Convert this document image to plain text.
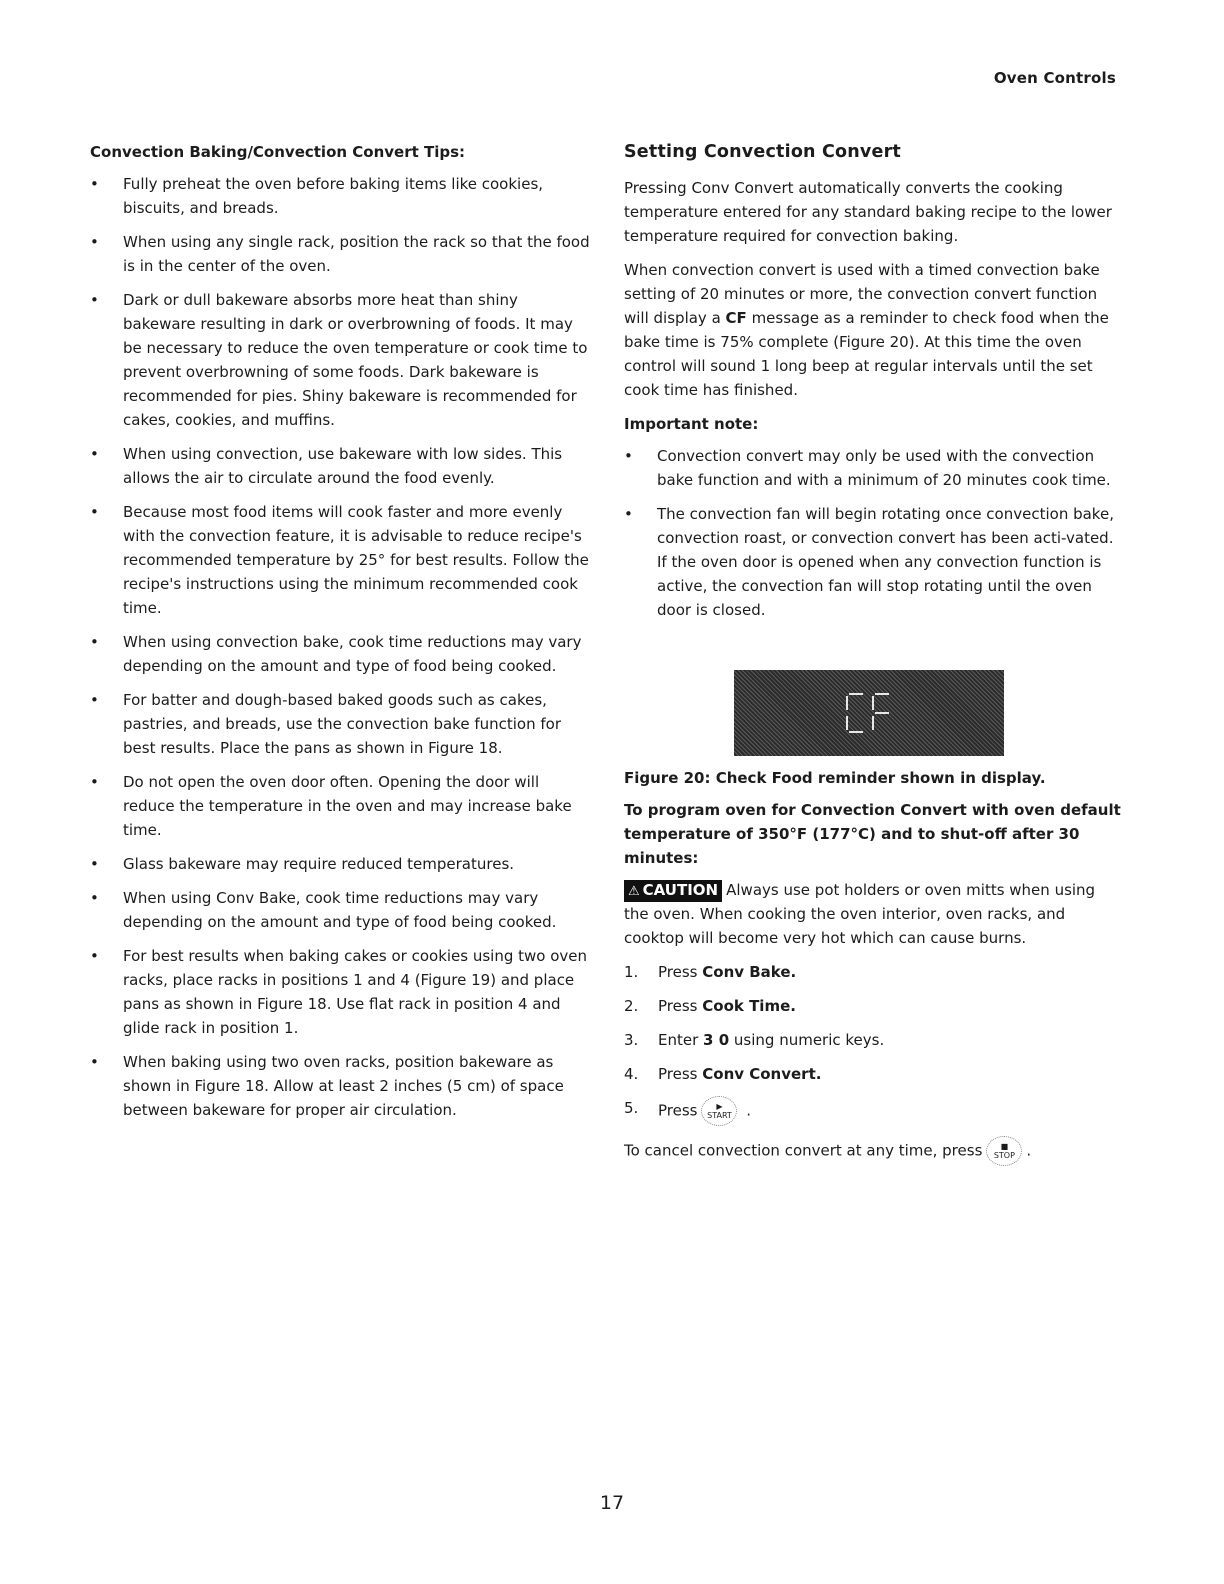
Oven Controls
Convection Baking/Convection Convert Tips:
• Fully preheat the oven before baking items like cookies, biscuits, and breads.
• When using any single rack, position the rack so that the food is in the center of the oven.
• Dark or dull bakeware absorbs more heat than shiny bakeware resulting in dark or overbrowning of foods. It may be necessary to reduce the oven temperature or cook time to prevent overbrowning of some foods. Dark bakeware is recommended for pies. Shiny bakeware is recommended for cakes, cookies, and muffins.
• When using convection, use bakeware with low sides. This allows the air to circulate around the food evenly.
• Because most food items will cook faster and more evenly with the convection feature, it is advisable to reduce recipe's recommended temperature by 25° for best results. Follow the recipe's instructions using the minimum recommended cook time.
• When using convection bake, cook time reductions may vary depending on the amount and type of food being cooked.
• For batter and dough-based baked goods such as cakes, pastries, and breads, use the convection bake function for best results. Place the pans as shown in Figure 18.
• Do not open the oven door often. Opening the door will reduce the temperature in the oven and may increase bake time.
• Glass bakeware may require reduced temperatures.
• When using Conv Bake, cook time reductions may vary depending on the amount and type of food being cooked.
• For best results when baking cakes or cookies using two oven racks, place racks in positions 1 and 4 (Figure 19) and place pans as shown in Figure 18. Use flat rack in position 4 and glide rack in position 1.
• When baking using two oven racks, position bakeware as shown in Figure 18. Allow at least 2 inches (5 cm) of space between bakeware for proper air circulation.
Setting Convection Convert

Pressing Conv Convert automatically converts the cooking temperature entered for any standard baking recipe to the lower temperature required for convection baking.

When convection convert is used with a timed convection bake setting of 20 minutes or more, the convection convert function will display a CF message as a reminder to check food when the bake time is 75% complete (Figure 20). At this time the oven control will sound 1 long beep at regular intervals until the set cook time has finished.

Important note:
• Convection convert may only be used with the convection bake function and with a minimum of 20 minutes cook time.
• The convection fan will begin rotating once convection bake, convection roast, or convection convert has been acti-vated. If the oven door is opened when any convection function is active, the convection fan will stop rotating until the oven door is closed.
CF
Figure 20: Check Food reminder shown in display.
To program oven for Convection Convert with oven default temperature of 350°F (177°C) and to shut-off after 30 minutes:

⚠ CAUTION Always use pot holders or oven mitts when using the oven. When cooking the oven interior, oven racks, and cooktop will become very hot which can cause burns.

1. Press Conv Bake.
2. Press Cook Time.
3. Enter 3 0 using numeric keys.
4. Press Conv Convert.
5. Press ▶
START .

To cancel convection convert at any time, press ■
STOP .

17
